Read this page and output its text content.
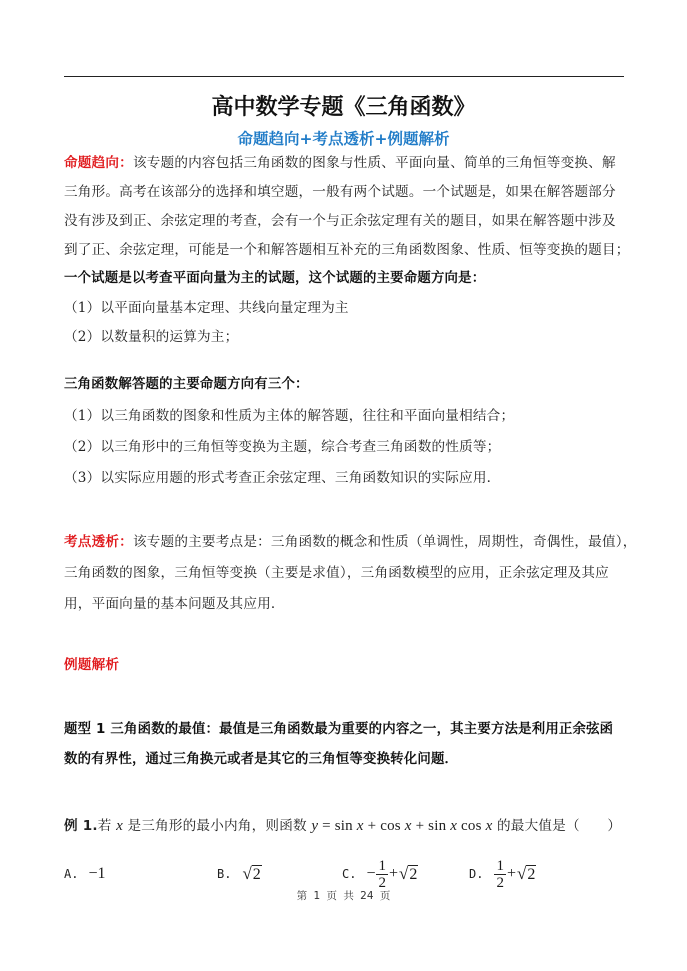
高中数学专题《三角函数》
命题趋向+考点透析+例题解析
命题趋向：该专题的内容包括三角函数的图象与性质、平面向量、简单的三角恒等变换、解
三角形。高考在该部分的选择和填空题，一般有两个试题。一个试题是，如果在解答题部分
没有涉及到正、余弦定理的考查，会有一个与正余弦定理有关的题目，如果在解答题中涉及
到了正、余弦定理，可能是一个和解答题相互补充的三角函数图象、性质、恒等变换的题目；
一个试题是以考查平面向量为主的试题，这个试题的主要命题方向是：
（1）以平面向量基本定理、共线向量定理为主
（2）以数量积的运算为主；
三角函数解答题的主要命题方向有三个：
（1）以三角函数的图象和性质为主体的解答题，往往和平面向量相结合；
（2）以三角形中的三角恒等变换为主题，综合考查三角函数的性质等；
（3）以实际应用题的形式考查正余弦定理、三角函数知识的实际应用．
考点透析：该专题的主要考点是：三角函数的概念和性质（单调性，周期性，奇偶性，最值），
三角函数的图象，三角恒等变换（主要是求值），三角函数模型的应用，正余弦定理及其应
用，平面向量的基本问题及其应用．
例题解析
题型 1 三角函数的最值：最值是三角函数最为重要的内容之一，其主要方法是利用正余弦函
数的有界性，通过三角换元或者是其它的三角恒等变换转化问题．
例 1.若 x 是三角形的最小内角，则函数 y = sin x + cos x + sin x cos x 的最大值是（　　）
A. −1	B. √ 2	C. − $\frac{1}{2}$ + √ 2	D. $\frac{1}{2}$ + √ 2
第 1 页 共 24 页
